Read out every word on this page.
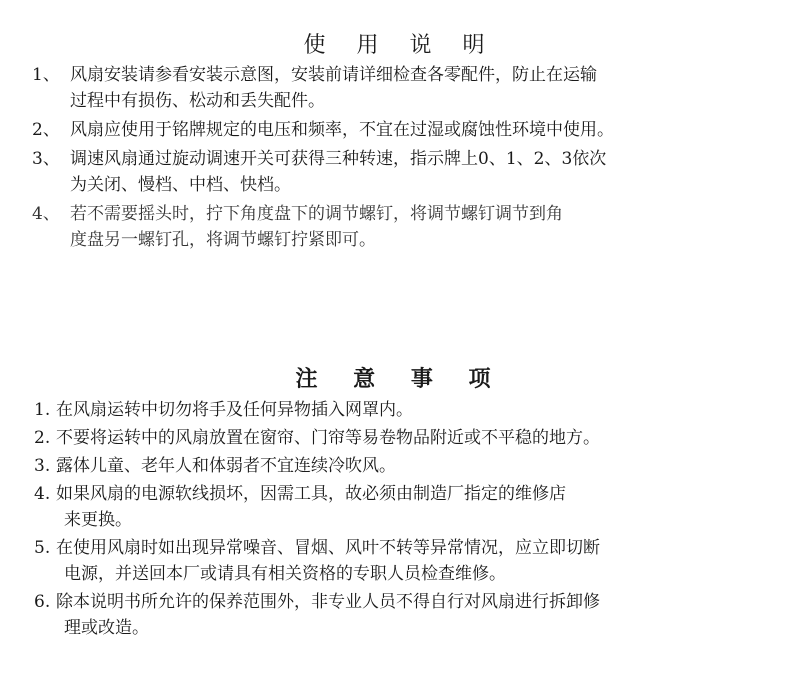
使 用 说 明
1、 风扇安装请参看安装示意图，安装前请详细检查各零配件，防止在运输
过程中有损伤、松动和丢失配件。
2、 风扇应使用于铭牌规定的电压和频率，不宜在过湿或腐蚀性环境中使用。
3、 调速风扇通过旋动调速开关可获得三种转速，指示牌上0、1、2、3依次
为关闭、慢档、中档、快档。
4、 若不需要摇头时，拧下角度盘下的调节螺钉，将调节螺钉调节到角
度盘另一螺钉孔，将调节螺钉拧紧即可。
注 意 事 项
1. 在风扇运转中切勿将手及任何异物插入网罩内。
2. 不要将运转中的风扇放置在窗帘、门帘等易卷物品附近或不平稳的地方。
3. 露体儿童、老年人和体弱者不宜连续冷吹风。
4. 如果风扇的电源软线损坏，因需工具，故必须由制造厂指定的维修店
来更换。
5. 在使用风扇时如出现异常噪音、冒烟、风叶不转等异常情况，应立即切断
电源，并送回本厂或请具有相关资格的专职人员检查维修。
6. 除本说明书所允许的保养范围外，非专业人员不得自行对风扇进行拆卸修
理或改造。
